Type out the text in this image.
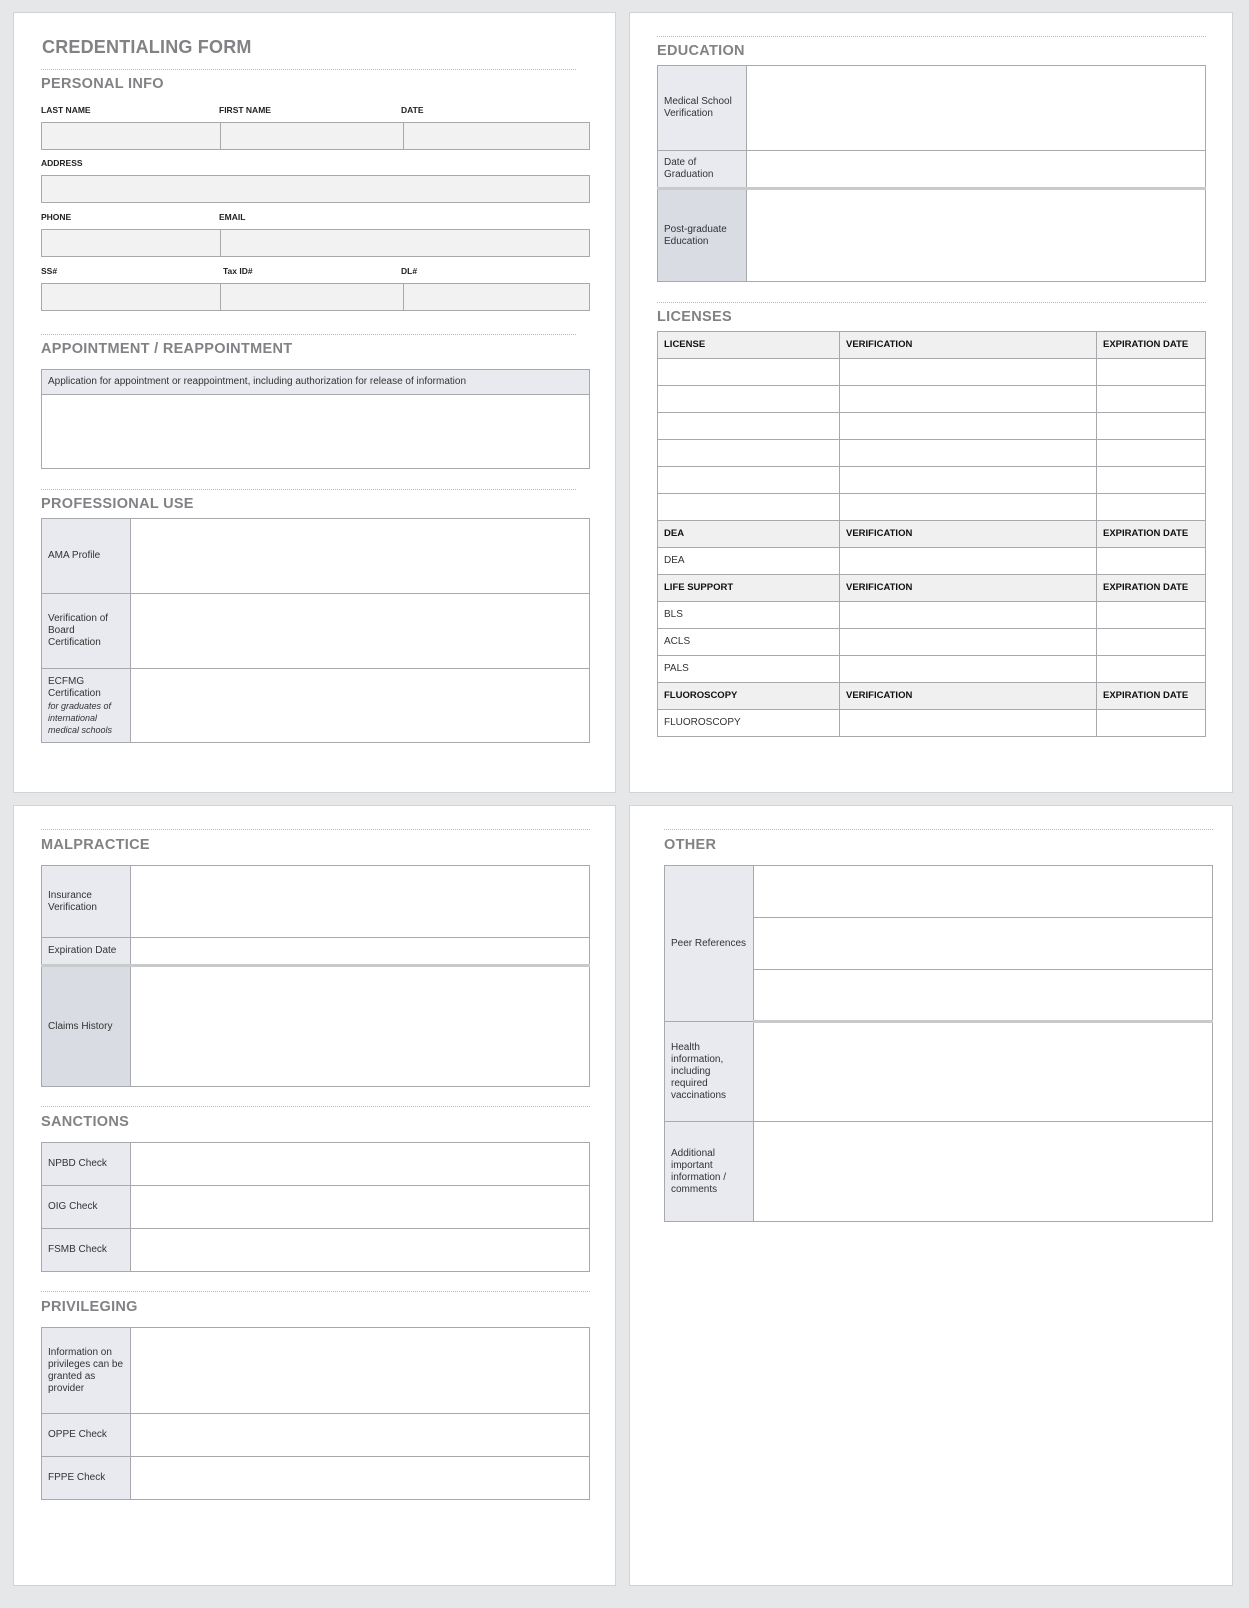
CREDENTIALING FORM
PERSONAL INFO
LAST NAME	FIRST NAME	DATE
ADDRESS
PHONE	EMAIL
SS#	Tax ID#	DL#
APPOINTMENT / REAPPOINTMENT
Application for appointment or reappointment, including authorization for release of information

PROFESSIONAL USE
AMA Profile	
Verification of Board Certification	

ECFMG Certification
for graduates of international medical schools	

EDUCATION
Medical School Verification	
Date of Graduation	
Post-graduate Education	
LICENSES
LICENSE	VERIFICATION	EXPIRATION DATE

DEA	VERIFICATION	EXPIRATION DATE
DEA		
LIFE SUPPORT	VERIFICATION	EXPIRATION DATE
BLS		
ACLS		
PALS		
FLUOROSCOPY	VERIFICATION	EXPIRATION DATE
FLUOROSCOPY		
MALPRACTICE
Insurance Verification	
Expiration Date	
Claims History	
SANCTIONS
NPBD Check	
OIG Check	
FSMB Check	
PRIVILEGING
Information on privileges can be granted as provider	
OPPE Check	
FPPE Check	
OTHER
Peer References	

Health information, including required vaccinations	
Additional important information / comments	
